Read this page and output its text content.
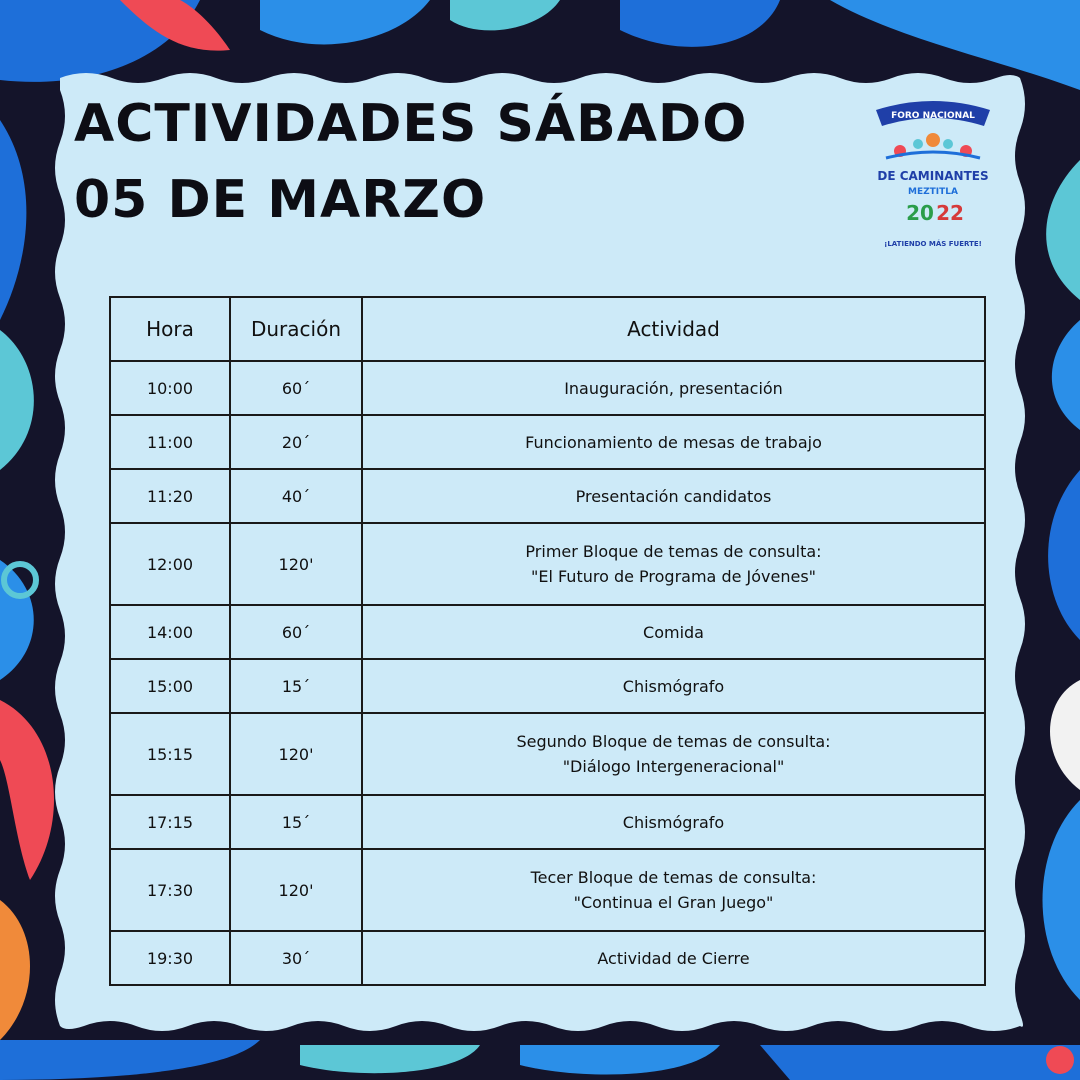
ACTIVIDADES SÁBADO
05 DE MARZO
FORO NACIONAL
DE CAMINANTES
MEZTITLA
20 22
¡LATIENDO MÁS FUERTE!
Hora	Duración	Actividad
10:00	60´	Inauguración, presentación

11:00	20´	Funcionamiento de mesas de trabajo

11:20	40´	Presentación candidatos

12:00	120'	Primer Bloque de temas de consulta:
"El Futuro de Programa de Jóvenes"

14:00	60´	Comida

15:00	15´	Chismógrafo

15:15	120'	Segundo Bloque de temas de consulta:
"Diálogo Intergeneracional"

17:15	15´	Chismógrafo

17:30	120'	Tecer Bloque de temas de consulta:
"Continua el Gran Juego"

19:30	30´	Actividad de Cierre
